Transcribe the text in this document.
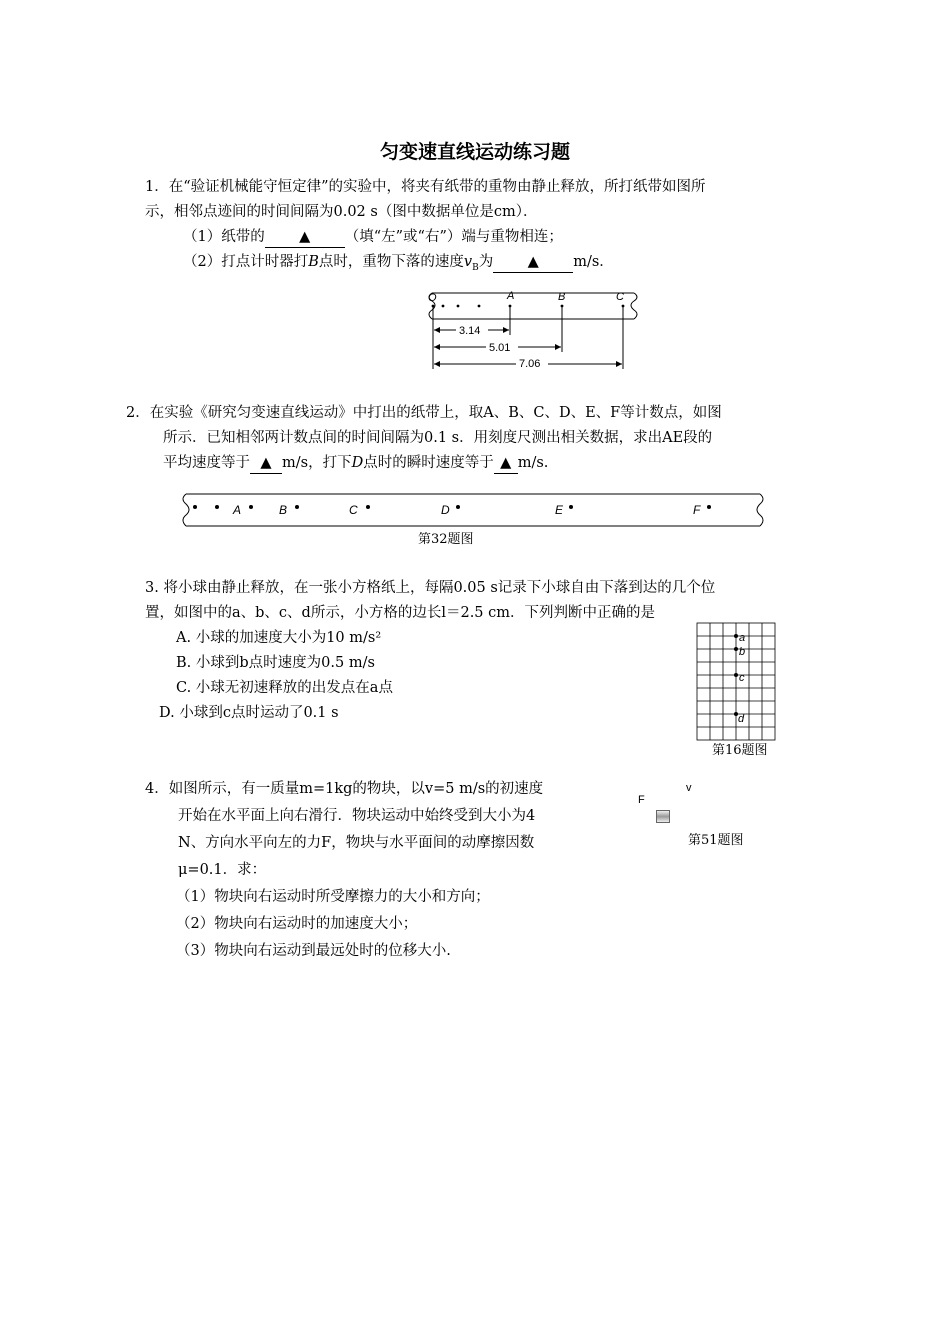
匀变速直线运动练习题
1．在“验证机械能守恒定律”的实验中，将夹有纸带的重物由静止释放，所打纸带如图所
示，相邻点迹间的时间间隔为0.02 s（图中数据单位是cm）．
（1）纸带的 ▲ （填“左”或“右”）端与重物相连；
（2）打点计时器打B点时，重物下落的速度$v_B$为 ▲ m/s．
O	A	B	C
3.14
5.01
7.06
2．在实验《研究匀变速直线运动》中打出的纸带上，取A、B、C、D、E、F等计数点，如图
所示．已知相邻两计数点间的时间间隔为0.1 s．用刻度尺测出相关数据，求出AE段的
平均速度等于 ▲ m/s，打下D点时的瞬时速度等于 ▲ m/s.
A	B	C	D	E	F
第32题图
3. 将小球由静止释放，在一张小方格纸上，每隔0.05 s记录下小球自由下落到达的几个位
置，如图中的a、b、c、d所示，小方格的边长l＝2.5 cm．下列判断中正确的是
A. 小球的加速度大小为10 m/s²
B. 小球到b点时速度为0.5 m/s
C. 小球无初速释放的出发点在a点
D. 小球到c点时运动了0.1 s
a
b
c
d
第16题图
4．如图所示，有一质量m=1kg的物块，以v=5 m/s的初速度
开始在水平面上向右滑行．物块运动中始终受到大小为4
N、方向水平向左的力F，物块与水平面间的动摩擦因数
μ=0.1．求：
（1）物块向右运动时所受摩擦力的大小和方向；
（2）物块向右运动时的加速度大小；
（3）物块向右运动到最远处时的位移大小.
F
v
第51题图
